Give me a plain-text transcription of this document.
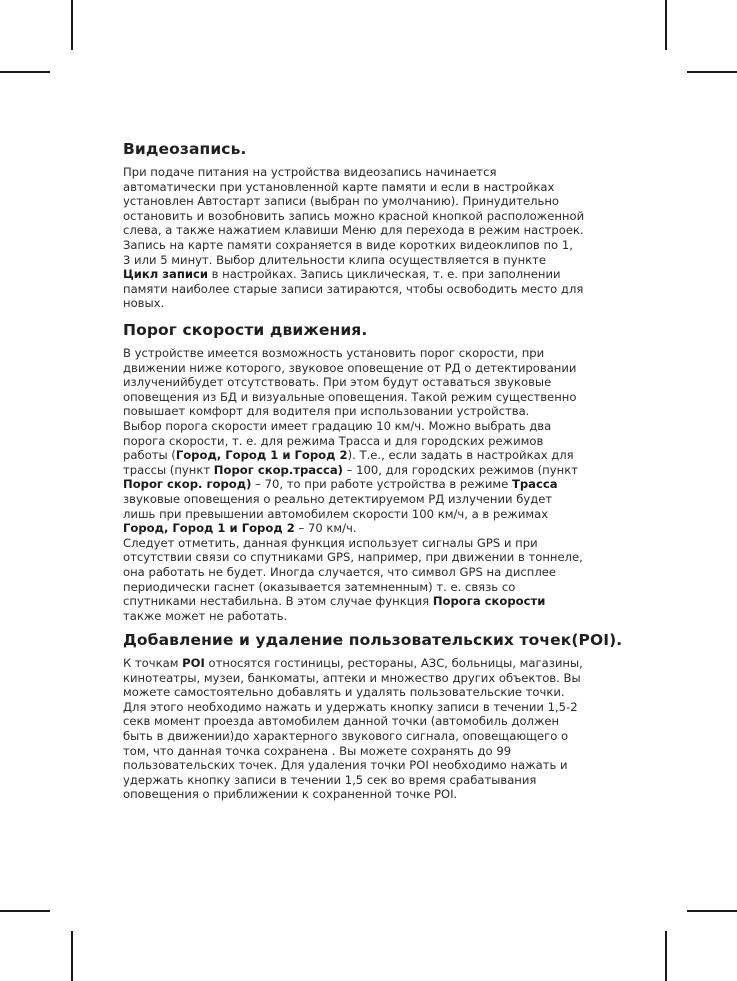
Видеозапись.
При подаче питания на устройства видеозапись начинается
автоматически при установленной карте памяти и если в настройках
установлен Автостарт записи (выбран по умолчанию). Принудительно
остановить и возобновить запись можно красной кнопкой расположенной
слева, а также нажатием клавиши Меню для перехода в режим настроек.
Запись на карте памяти сохраняется в виде коротких видеоклипов по 1,
3 или 5 минут. Выбор длительности клипа осуществляется в пункте
Цикл записи в настройках. Запись циклическая, т. е. при заполнении
памяти наиболее старые записи затираются, чтобы освободить место для
новых.
Порог скорости движения.
В устройстве имеется возможность установить порог скорости, при
движении ниже которого, звуковое оповещение от РД о детектировании
излученийбудет отсутствовать. При этом будут оставаться звуковые
оповещения из БД и визуальные оповещения. Такой режим существенно
повышает комфорт для водителя при использовании устройства.
Выбор порога скорости имеет градацию 10 км/ч. Можно выбрать два
порога скорости, т. е. для режима Трасса и для городских режимов
работы (Город, Город 1 и Город 2). Т.е., если задать в настройках для
трассы (пункт Порог скор.трасса) – 100, для городских режимов (пункт
Порог скор. город) – 70, то при работе устройства в режиме Трасса
звуковые оповещения о реально детектируемом РД излучении будет
лишь при превышении автомобилем скорости 100 км/ч, а в режимах
Город, Город 1 и Город 2 – 70 км/ч.
Следует отметить, данная функция использует сигналы GPS и при
отсутствии связи со спутниками GPS, например, при движении в тоннеле,
она работать не будет. Иногда случается, что символ GPS на дисплее
периодически гаснет (оказывается затемненным) т. е. связь со
спутниками нестабильна. В этом случае функция Порога скорости
также может не работать.
Добавление и удаление пользовательских точек(POI).
К точкам POI относятся гостиницы, рестораны, АЗС, больницы, магазины,
кинотеатры, музеи, банкоматы, аптеки и множество других объектов. Вы
можете самостоятельно добавлять и удалять пользовательские точки.
Для этого необходимо нажать и удержать кнопку записи в течении 1,5-2
секв момент проезда автомобилем данной точки (автомобиль должен
быть в движении)до характерного звукового сигнала, оповещающего о
том, что данная точка сохранена . Вы можете сохранять до 99
пользовательских точек. Для удаления точки POI необходимо нажать и
удержать кнопку записи в течении 1,5 сек во время срабатывания
оповещения о приближении к сохраненной точке POI.
